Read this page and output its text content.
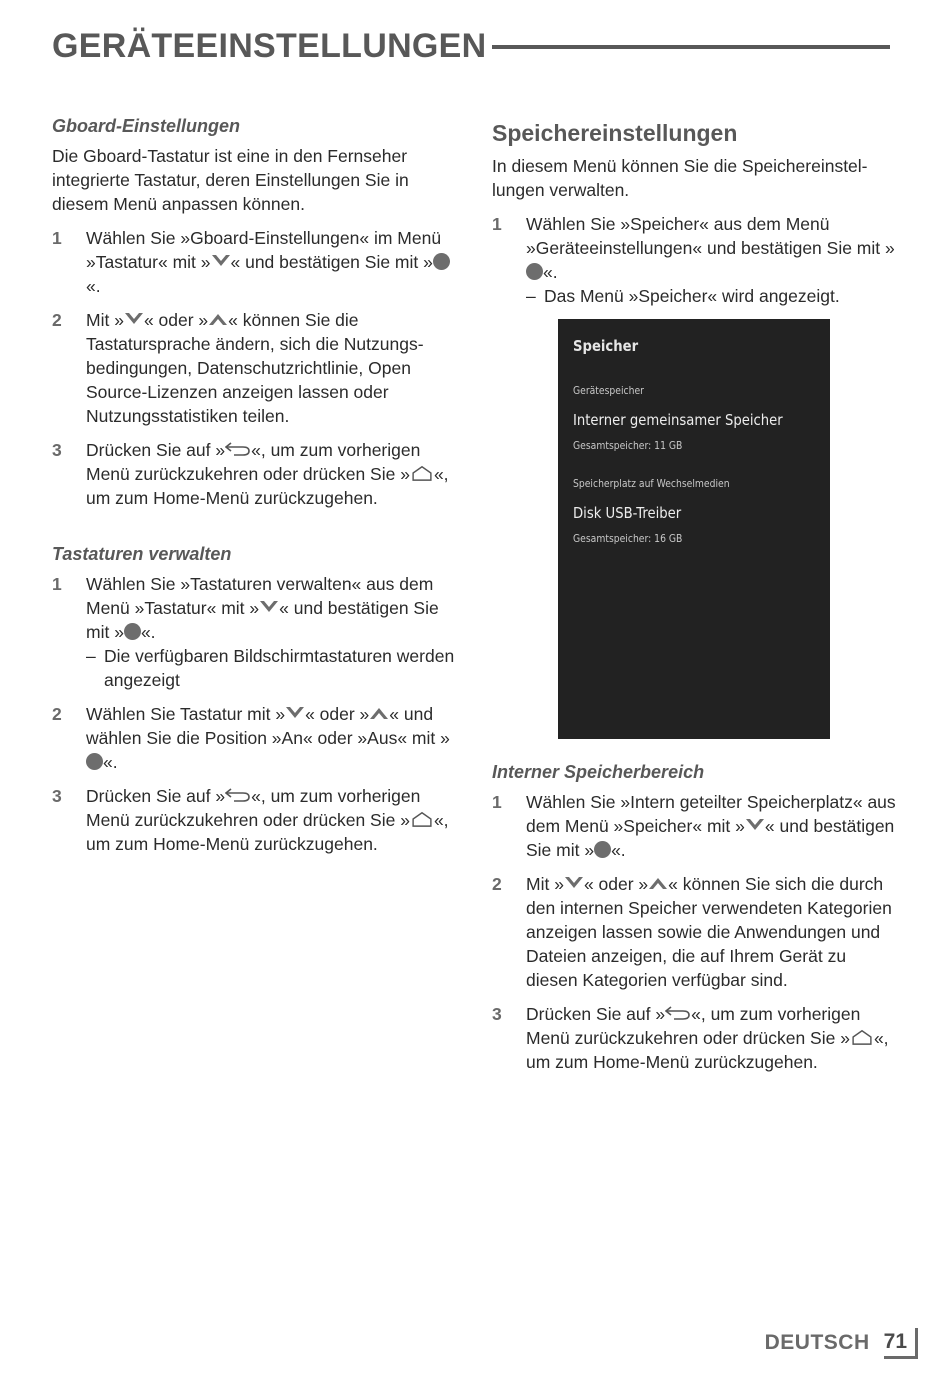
GERÄTEEINSTELLUNGEN
Gboard-Einstellungen
Die Gboard-Tastatur ist eine in den Fernseher integrierte Tastatur, deren Einstellungen Sie in diesem Menü anpassen können.
1	Wählen Sie »Gboard-Einstellungen« im Menü »Tastatur« mit » « und bestätigen Sie mit »«.
2	Mit » « oder » « können Sie die Tastatursprache ändern, sich die Nutzungsbedingungen, Datenschutzrichtlinie, Open Source-Lizenzen anzeigen lassen oder Nutzungsstatistiken teilen.
3	Drücken Sie auf » «, um zum vorherigen Menü zurückzukehren oder drücken Sie » «, um zum Home-Menü zurückzugehen.
Tastaturen verwalten
1	Wählen Sie »Tastaturen verwalten« aus dem Menü »Tastatur« mit » « und bestätigen Sie mit » «.
– Die verfügbaren Bildschirmtastaturen werden angezeigt
2	Wählen Sie Tastatur mit » « oder » « und wählen Sie die Position »An« oder »Aus« mit »«.
3	Drücken Sie auf » «, um zum vorherigen Menü zurückzukehren oder drücken Sie » «, um zum Home-Menü zurückzugehen.
Speichereinstellungen
In diesem Menü können Sie die Speichereinstellungen verwalten.
1	Wählen Sie »Speicher« aus dem Menü »Geräteeinstellungen« und bestätigen Sie mit »«.
– Das Menü »Speicher« wird angezeigt.
Speicher
Gerätespeicher
Interner gemeinsamer Speicher
Gesamtspeicher: 11 GB
Speicherplatz auf Wechselmedien
Disk USB-Treiber
Gesamtspeicher: 16 GB
Interner Speicherbereich
1	Wählen Sie »Intern geteilter Speicherplatz« aus dem Menü »Speicher« mit » « und bestätigen Sie mit » «.
2	Mit » « oder » « können Sie sich die durch den internen Speicher verwendeten Kategorien anzeigen lassen sowie die Anwendungen und Dateien anzeigen, die auf Ihrem Gerät zu diesen Kategorien verfügbar sind.
3	Drücken Sie auf » «, um zum vorherigen Menü zurückzukehren oder drücken Sie » «, um zum Home-Menü zurückzugehen.
DEUTSCH 71
